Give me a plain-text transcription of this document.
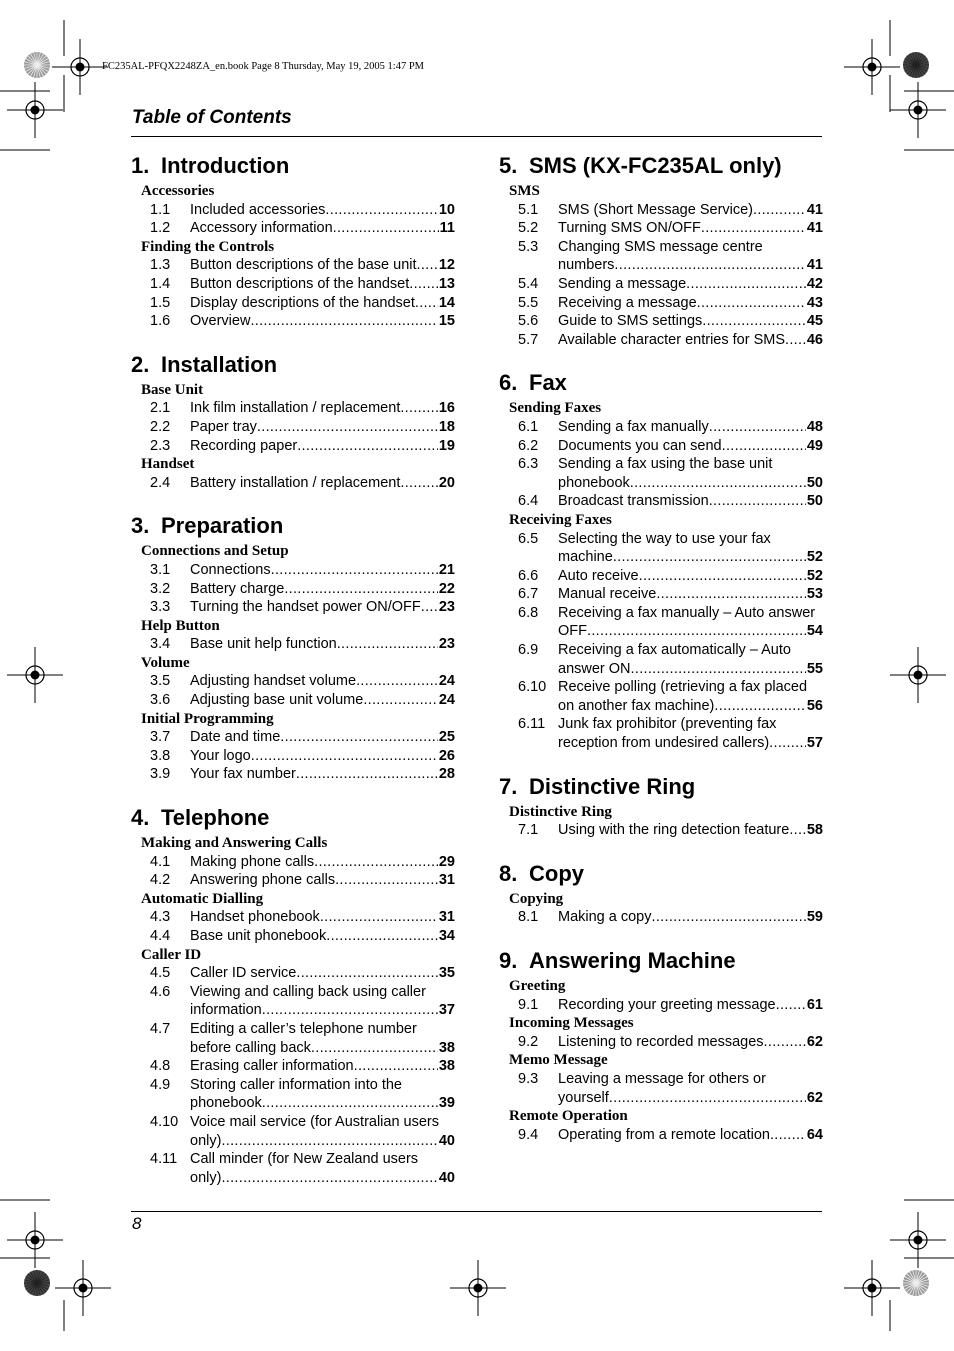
FC235AL-PFQX2248ZA_en.book Page 8 Thursday, May 19, 2005 1:47 PM
Table of Contents
1. Introduction
Accessories
1.1 Included accessories .....	10
1.2 Accessory information .....	11
Finding the Controls
1.3 Button descriptions of the base unit ..... 12
1.4 Button descriptions of the handset ..... 13
1.5 Display descriptions of the handset ..... 14
1.6 Overview .....	15
2. Installation
Base Unit
2.1 Ink film installation / replacement .....	16
2.2 Paper tray .....	18
2.3 Recording paper .....	19
Handset
2.4 Battery installation / replacement .....	20
3. Preparation
Connections and Setup
3.1 Connections .....	21
3.2 Battery charge .....	22
3.3 Turning the handset power ON/OFF ..... 23
Help Button
3.4 Base unit help function .....	23
Volume
3.5 Adjusting handset volume .....	24
3.6 Adjusting base unit volume .....	24
Initial Programming
3.7 Date and time .....	25
3.8 Your logo .....	26
3.9 Your fax number .....	28
4. Telephone
Making and Answering Calls
4.1 Making phone calls .....	29
4.2 Answering phone calls .....	31
Automatic Dialling
4.3 Handset phonebook .....	31
4.4 Base unit phonebook .....	34
Caller ID
4.5 Caller ID service .....	35
4.6 Viewing and calling back using caller
information .....	37
4.7 Editing a caller’s telephone number
before calling back .....	38
4.8 Erasing caller information .....	38
4.9 Storing caller information into the
phonebook .....	39
4.10 Voice mail service (for Australian users
only) .....	40
4.11 Call minder (for New Zealand users
only) .....	40
5. SMS (KX-FC235AL only)
SMS
5.1 SMS (Short Message Service) .....	41
5.2 Turning SMS ON/OFF .....	41
5.3 Changing SMS message centre
numbers .....	41
5.4 Sending a message .....	42
5.5 Receiving a message .....	43
5.6 Guide to SMS settings .....	45
5.7 Available character entries for SMS ..... 46
6. Fax
Sending Faxes
6.1 Sending a fax manually .....	48
6.2 Documents you can send .....	49
6.3 Sending a fax using the base unit
phonebook .....	50
6.4 Broadcast transmission .....	50
Receiving Faxes
6.5 Selecting the way to use your fax
machine .....	52
6.6 Auto receive .....	52
6.7 Manual receive .....	53
6.8 Receiving a fax manually – Auto answer
OFF .....	54
6.9 Receiving a fax automatically – Auto
answer ON .....	55
6.10 Receive polling (retrieving a fax placed
on another fax machine) .....	56
6.11 Junk fax prohibitor (preventing fax
reception from undesired callers) .....	57
7. Distinctive Ring
Distinctive Ring
7.1 Using with the ring detection feature ..... 58
8. Copy
Copying
8.1 Making a copy .....	59
9. Answering Machine
Greeting
9.1 Recording your greeting message ..... 61
Incoming Messages
9.2 Listening to recorded messages .....	62
Memo Message
9.3 Leaving a message for others or
yourself .....	62
Remote Operation
9.4 Operating from a remote location .....	64
8
